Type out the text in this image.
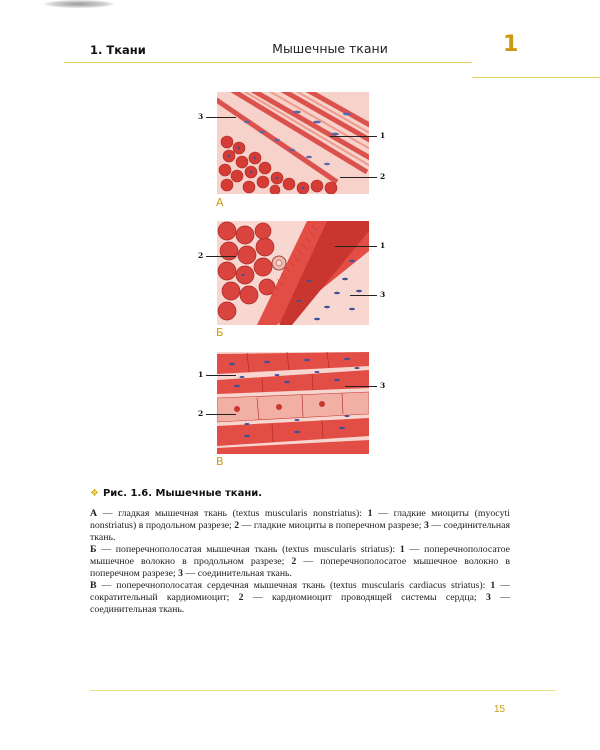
1
1. Ткани	Мышечные ткани
А
3
1
2
Б
2
1
3
В
1
3
2
❖ Рис. 1.6. Мышечные ткани.

А — гладкая мышечная ткань (textus muscularis nonstriatus): 1 — гладкие миоциты (myocyti nonstriatus) в продольном разрезе; 2 — гладкие миоциты в поперечном разрезе; 3 — соединительная ткань.

Б — поперечнополосатая мышечная ткань (textus muscularis striatus): 1 — поперечнополосатое мышечное волокно в продольном разрезе; 2 — поперечнополосатое мышечное волокно в поперечном разрезе; 3 — соединительная ткань.

В — поперечнополосатая сердечная мышечная ткань (textus muscularis cardiacus striatus): 1 — сократительный кардиомиоцит; 2 — кардиомиоцит проводящей системы сердца; 3 — соединительная ткань.

15
